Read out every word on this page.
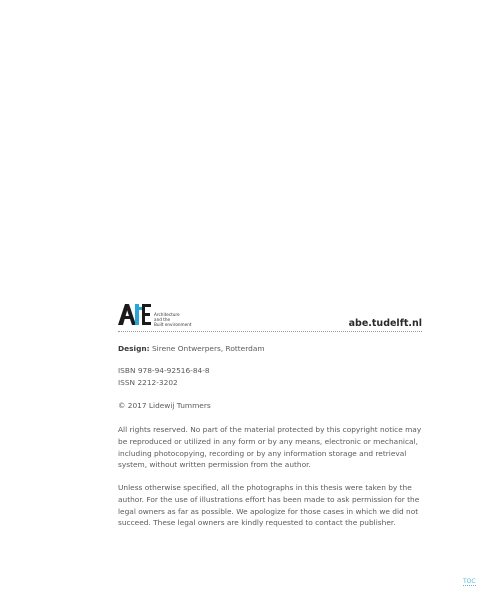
Architecture
and the
Built environment	abe.tudelft.nl
Design: Sirene Ontwerpers, Rotterdam

ISBN 978-94-92516-84-8

ISSN 2212-3202

© 2017 Lidewij Tummers

All rights reserved. No part of the material protected by this copyright notice may be reproduced or utilized in any form or by any means, electronic or mechanical, including photocopying, recording or by any information storage and retrieval system, without written permission from the author.

Unless otherwise specified, all the photographs in this thesis were taken by the author. For the use of illustrations effort has been made to ask permission for the legal owners as far as possible. We apologize for those cases in which we did not succeed. These legal owners are kindly requested to contact the publisher.

TOC
